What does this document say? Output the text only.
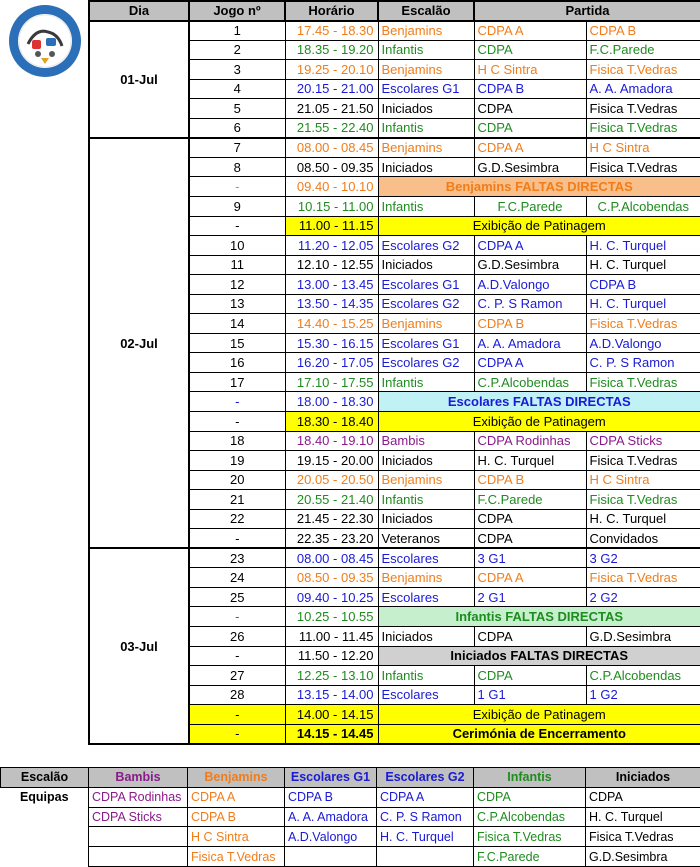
Dia	Jogo nº	Horário	Escalão	Partida	
01-Jul	1	17.45 - 18.30	Benjamins	CDPA A	CDPA B
	2	18.35 - 19.20	Infantis	CDPA	F.C.Parede
	3	19.25 - 20.10	Benjamins	H C Sintra	Fisica T.Vedras
	4	20.15 - 21.00	Escolares G1	CDPA B	A. A. Amadora
	5	21.05 - 21.50	Iniciados	CDPA	Fisica T.Vedras
	6	21.55 - 22.40	Infantis	CDPA	Fisica T.Vedras
02-Jul	7	08.00 - 08.45	Benjamins	CDPA A	H C Sintra
	8	08.50 - 09.35	Iniciados	G.D.Sesimbra	Fisica T.Vedras
	-	09.40 - 10.10	Benjamins FALTAS DIRECTAS		
	9	10.15 - 11.00	Infantis	F.C.Parede	C.P.Alcobendas
	-	11.00 - 11.15	Exibição de Patinagem		
	10	11.20 - 12.05	Escolares G2	CDPA A	H. C. Turquel
	11	12.10 - 12.55	Iniciados	G.D.Sesimbra	H. C. Turquel
	12	13.00 - 13.45	Escolares G1	A.D.Valongo	CDPA B
	13	13.50 - 14.35	Escolares G2	C. P. S Ramon	H. C. Turquel
	14	14.40 - 15.25	Benjamins	CDPA B	Fisica T.Vedras
	15	15.30 - 16.15	Escolares G1	A. A. Amadora	A.D.Valongo
	16	16.20 - 17.05	Escolares G2	CDPA A	C. P. S Ramon
	17	17.10 - 17.55	Infantis	C.P.Alcobendas	Fisica T.Vedras
	-	18.00 - 18.30	Escolares FALTAS DIRECTAS		
	-	18.30 - 18.40	Exibição de Patinagem		
	18	18.40 - 19.10	Bambis	CDPA Rodinhas	CDPA Sticks
	19	19.15 - 20.00	Iniciados	H. C. Turquel	Fisica T.Vedras
	20	20.05 - 20.50	Benjamins	CDPA B	H C Sintra
	21	20.55 - 21.40	Infantis	F.C.Parede	Fisica T.Vedras
	22	21.45 - 22.30	Iniciados	CDPA	H. C. Turquel
	-	22.35 - 23.20	Veteranos	CDPA	Convidados
03-Jul	23	08.00 - 08.45	Escolares	3 G1	3 G2
	24	08.50 - 09.35	Benjamins	CDPA A	Fisica T.Vedras
	25	09.40 - 10.25	Escolares	2 G1	2 G2
	-	10.25 - 10.55	Infantis FALTAS DIRECTAS		
	26	11.00 - 11.45	Iniciados	CDPA	G.D.Sesimbra
	-	11.50 - 12.20	Iniciados FALTAS DIRECTAS		
	27	12.25 - 13.10	Infantis	CDPA	C.P.Alcobendas
	28	13.15 - 14.00	Escolares	1 G1	1 G2
	-	14.00 - 14.15	Exibição de Patinagem		
	-	14.15 - 14.45	Cerimónia de Encerramento		
Escalão	Bambis	Benjamins	Escolares G1	Escolares G2	Infantis	Iniciados
Equipas	CDPA Rodinhas	CDPA A	CDPA B	CDPA A	CDPA	CDPA
	CDPA Sticks	CDPA B	A. A. Amadora	C. P. S Ramon	C.P.Alcobendas	H. C. Turquel
		H C Sintra	A.D.Valongo	H. C. Turquel	Fisica T.Vedras	Fisica T.Vedras
		Fisica T.Vedras			F.C.Parede	G.D.Sesimbra
